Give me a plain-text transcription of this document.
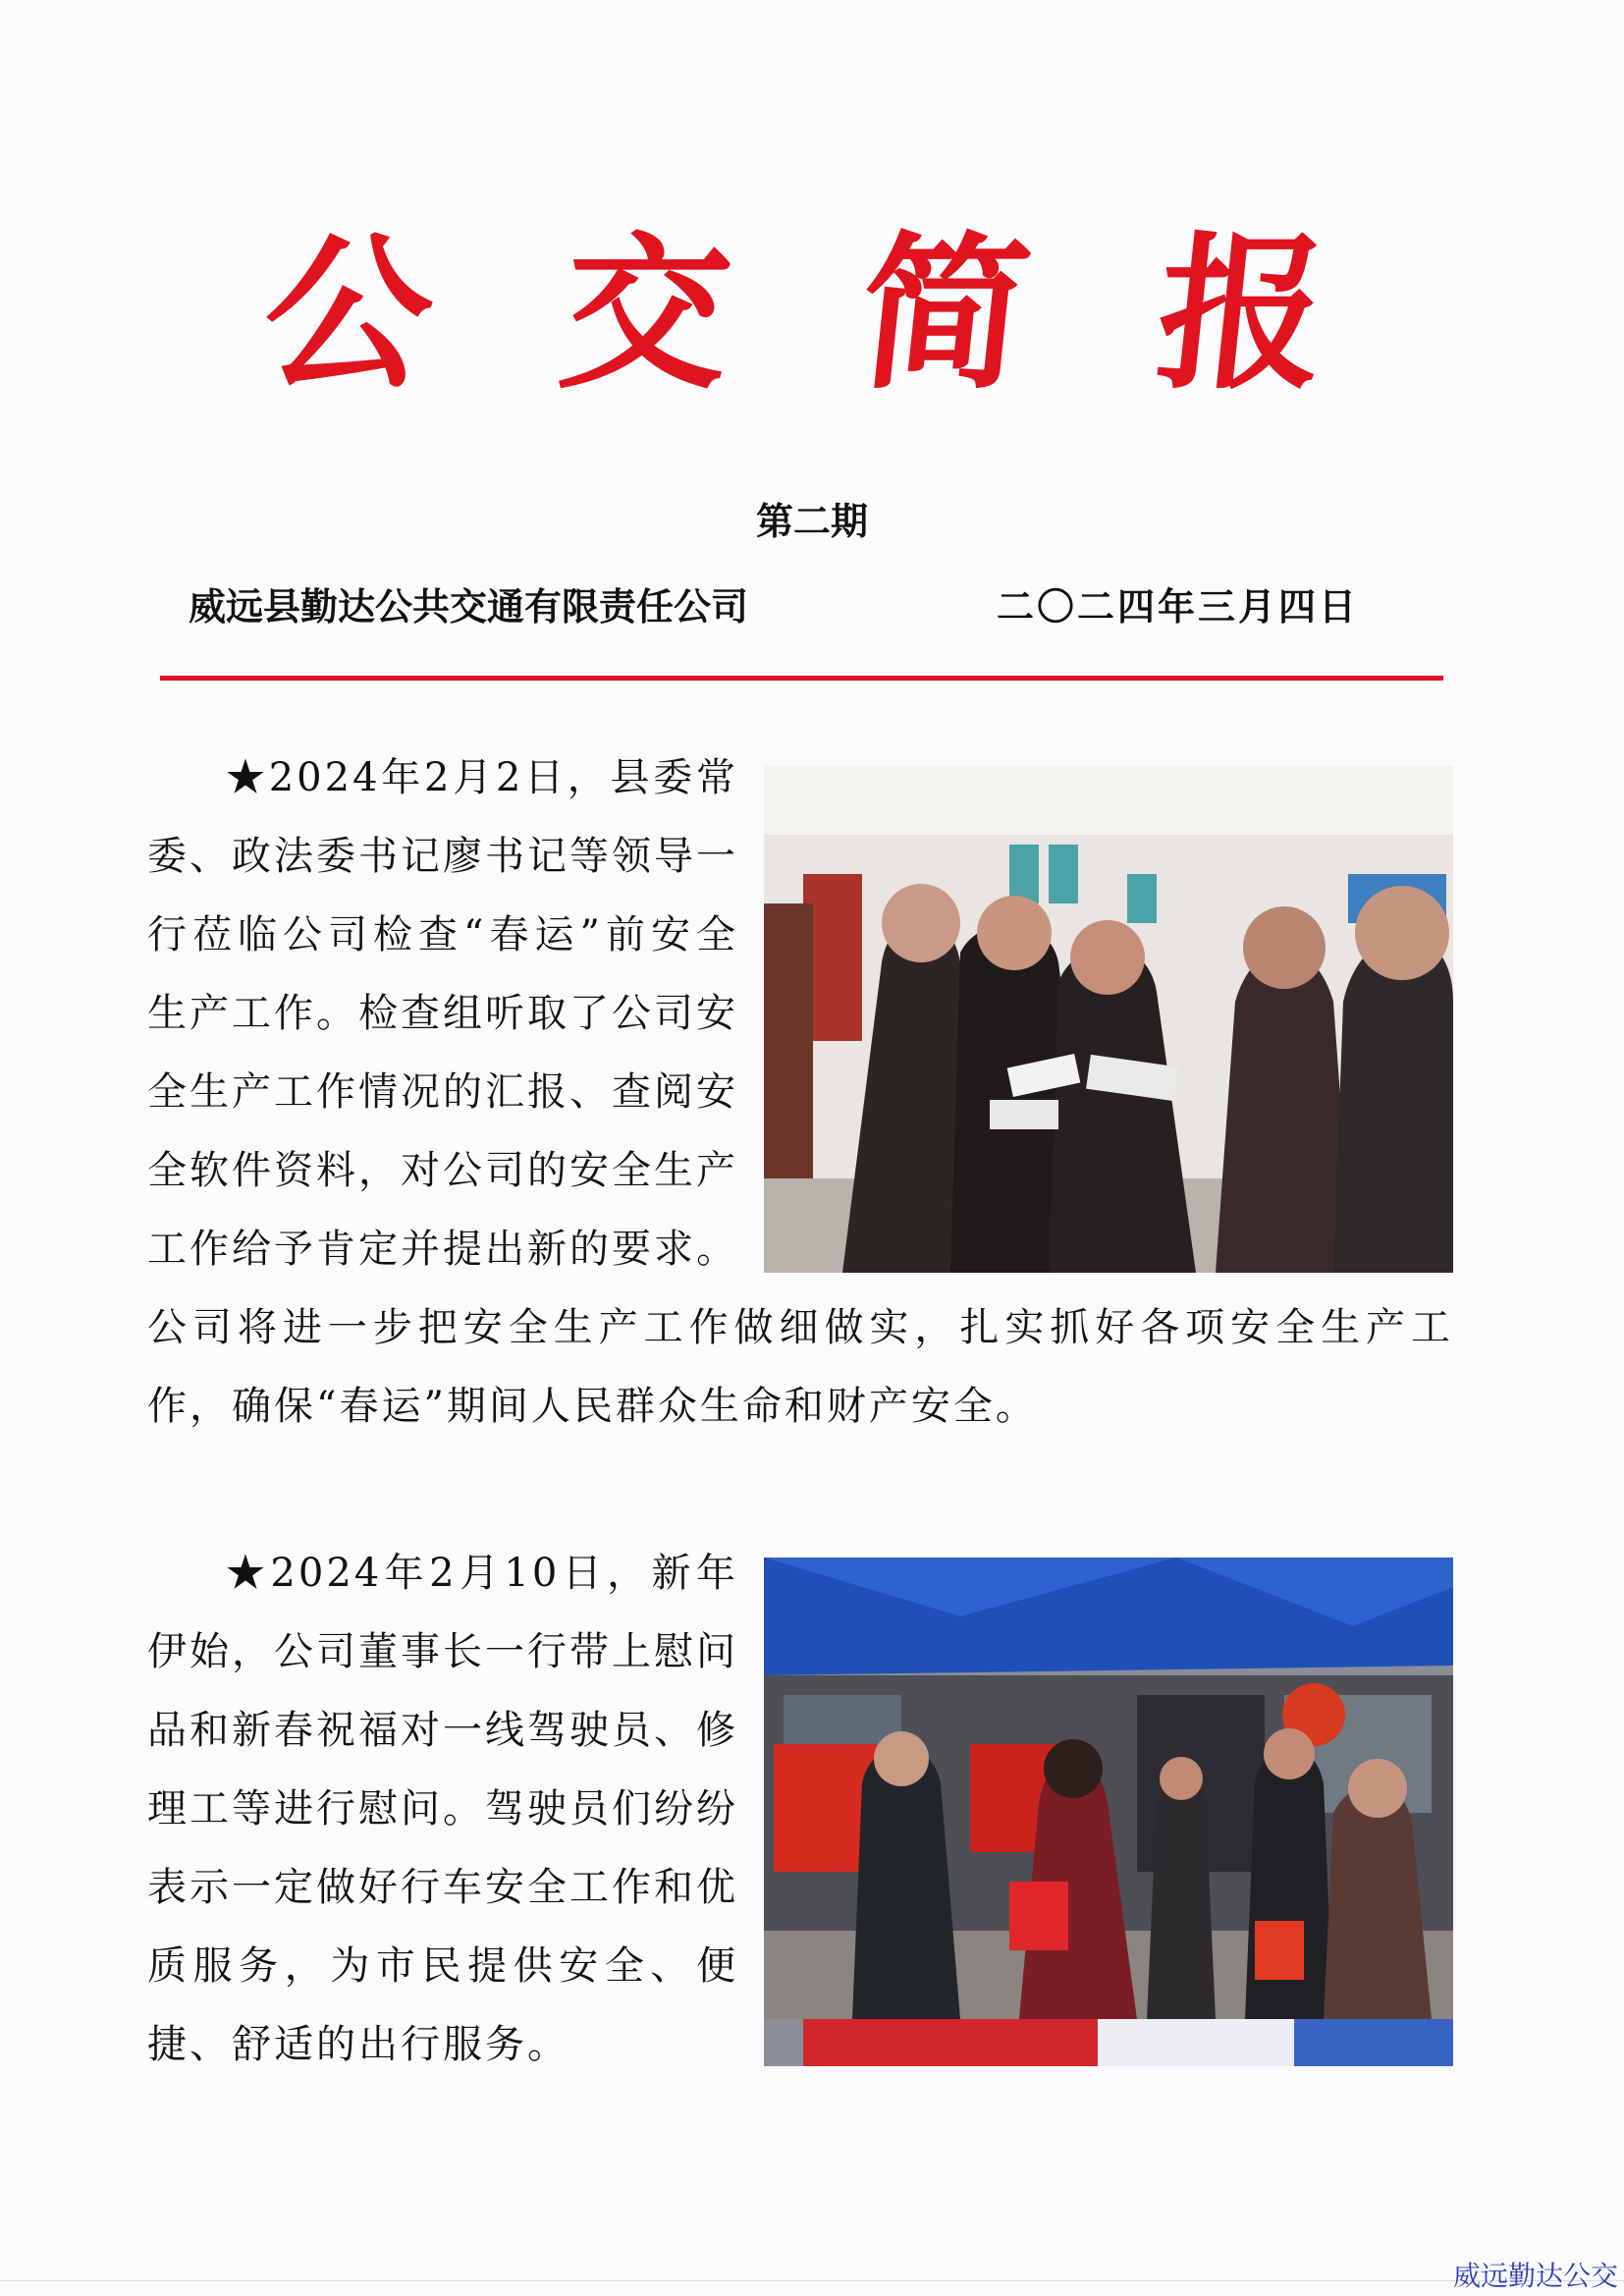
公 交 简 报
第二期
威远县勤达公共交通有限责任公司	二〇二四年三月四日
★2024年2月2日，县委常委、政法委书记廖书记等领导一行莅临公司检查“春运”前安全生产工作。检查组听取了公司安全生产工作情况的汇报、查阅安全软件资料，对公司的安全生产工作给予肯定并提出新的要求。公司将进一步把安全生产工作做细做实，扎实抓好各项安全生产工作，确保“春运”期间人民群众生命和财产安全。
★2024年2月10日，新年伊始，公司董事长一行带上慰问品和新春祝福对一线驾驶员、修理工等进行慰问。驾驶员们纷纷表示一定做好行车安全工作和优质服务，为市民提供安全、便捷、舒适的出行服务。
威远勤达公交
